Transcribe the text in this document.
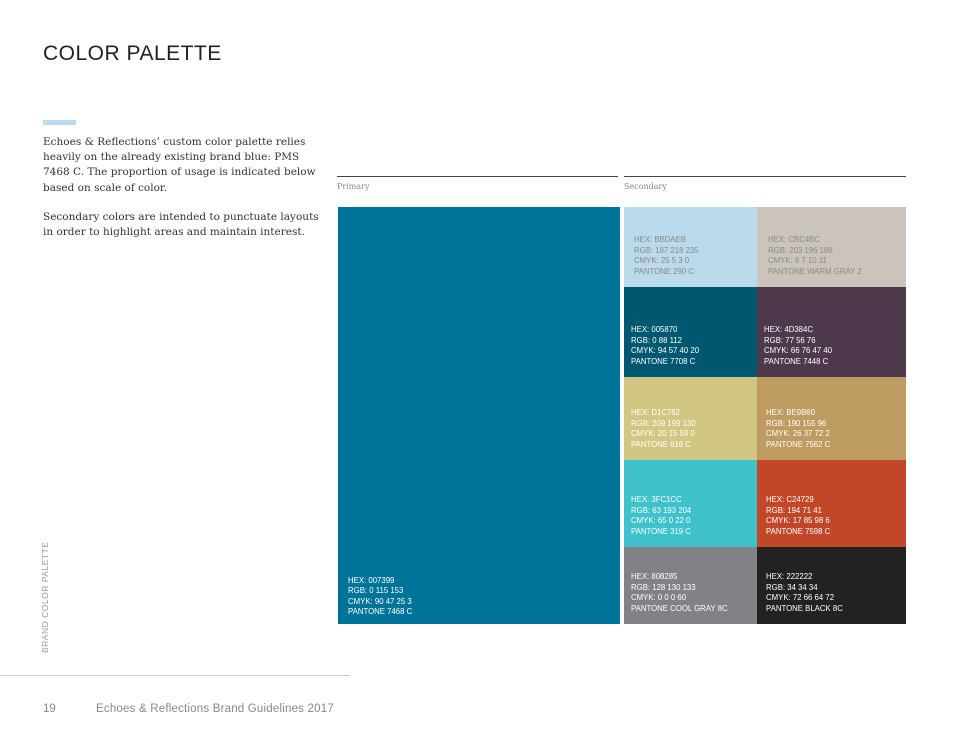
COLOR PALETTE

Echoes & Reflections’ custom color palette relies heavily on the already existing brand blue: PMS 7468 C. The proportion of usage is indicated below based on scale of color.

Secondary colors are intended to punctuate layouts in order to highlight areas and maintain interest.

Primary	Secondary
HEX: 007399
RGB: 0 115 153
CMYK: 90 47 25 3
PANTONE 7468 C
HEX: BBDAEB
RGB: 187 218 235
CMYK: 25 5 3 0
PANTONE 290 C
HEX: CBC4BC
RGB: 203 196 188
CMYK: 6 7 10 11
PANTONE WARM GRAY 2
HEX: 005870
RGB: 0 88 112
CMYK: 94 57 40 20
PANTONE 7708 C
HEX: 4D384C
RGB: 77 56 76
CMYK: 66 76 47 40
PANTONE 7448 C
HEX: D1C782
RGB: 209 199 130
CMYK: 20 15 59 0
PANTONE 616 C
HEX: BE9B60
RGB: 190 155 96
CMYK: 26 37 72 2
PANTONE 7562 C
HEX: 3FC1CC
RGB: 63 193 204
CMYK: 65 0 22 0
PANTONE 319 C
HEX: C24729
RGB: 194 71 41
CMYK: 17 85 98 6
PANTONE 7598 C
HEX: 808285
RGB: 128 130 133
CMYK: 0 0 0 60
PANTONE COOL GRAY 8C
HEX: 222222
RGB: 34 34 34
CMYK: 72 66 64 72
PANTONE BLACK 8C
BRAND COLOR PALETTE
19	Echoes & Reflections Brand Guidelines 2017
